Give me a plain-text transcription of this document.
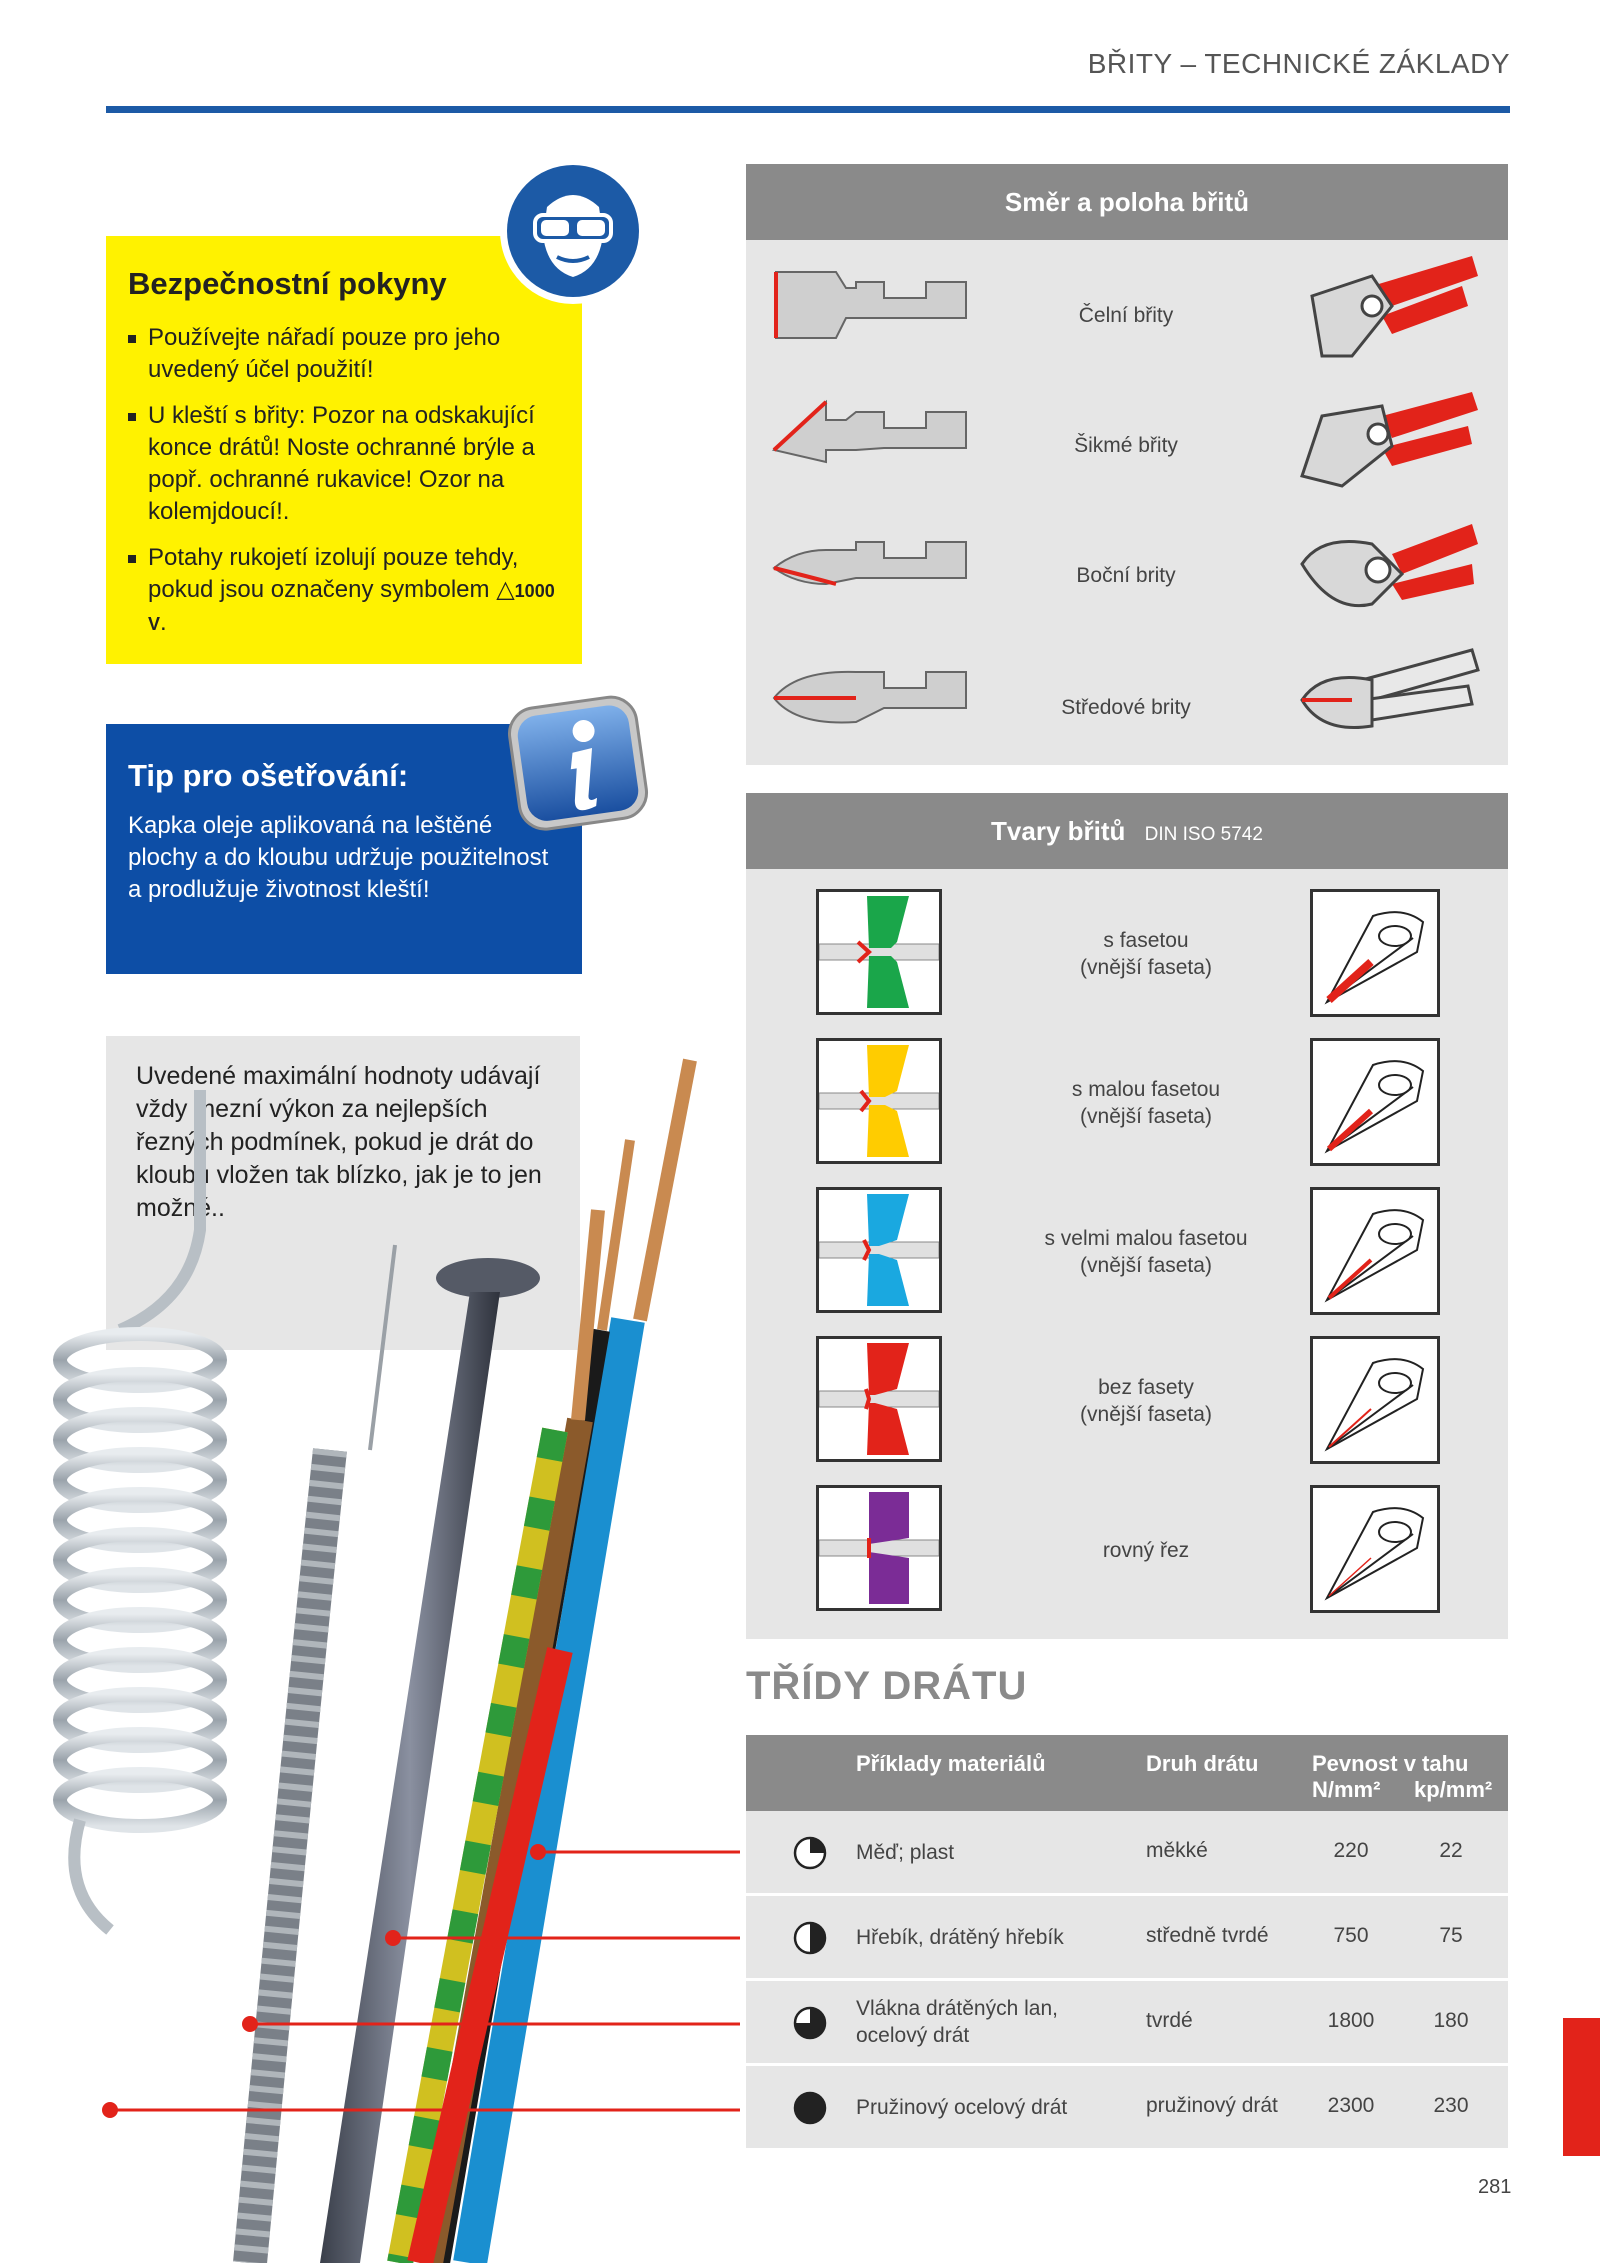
BŘITY – TECHNICKÉ ZÁKLADY
Bezpečnostní pokyny
Používejte nářadí pouze pro jeho uvedený účel použití!
U kleští s břity: Pozor na odskakující konce drátů! Noste ochranné brýle a popř. ochranné rukavice! Ozor na kolemjdoucí!.
Potahy rukojetí izolují pouze tehdy, pokud jsou označeny symbolem △1000 V.
Tip pro ošetřování:

Kapka oleje aplikovaná na leštěné plochy a do kloubu udržuje použitelnost a prodlužuje životnost kleští!

Uvedené maximální hodnoty udávají vždy mezní výkon za nejlepších řezných podmínek, pokud je drát do kloubu vložen tak blízko, jak je to jen možné..

Směr a poloha břitů
Čelní břity
Šikmé břity
Boční brity
Středové brity
Tvary břitů DIN ISO 5742
s fasetou
(vnější faseta)
s malou fasetou
(vnější faseta)
s velmi malou fasetou
(vnější faseta)
bez fasety
(vnější faseta)
rovný řez
TŘÍDY DRÁTU
Příklady materiálů	Druh drátu Pevnost v tahu
N/mm² kp/mm²
Měď; plast	měkké	220	22
Hřebík, drátěný hřebík	středně tvrdé	750	75
Vlákna drátěných lan,
ocelový drát
tvrdé	1800	180
Pružinový ocelový drát	pružinový drát	2300	230
281
